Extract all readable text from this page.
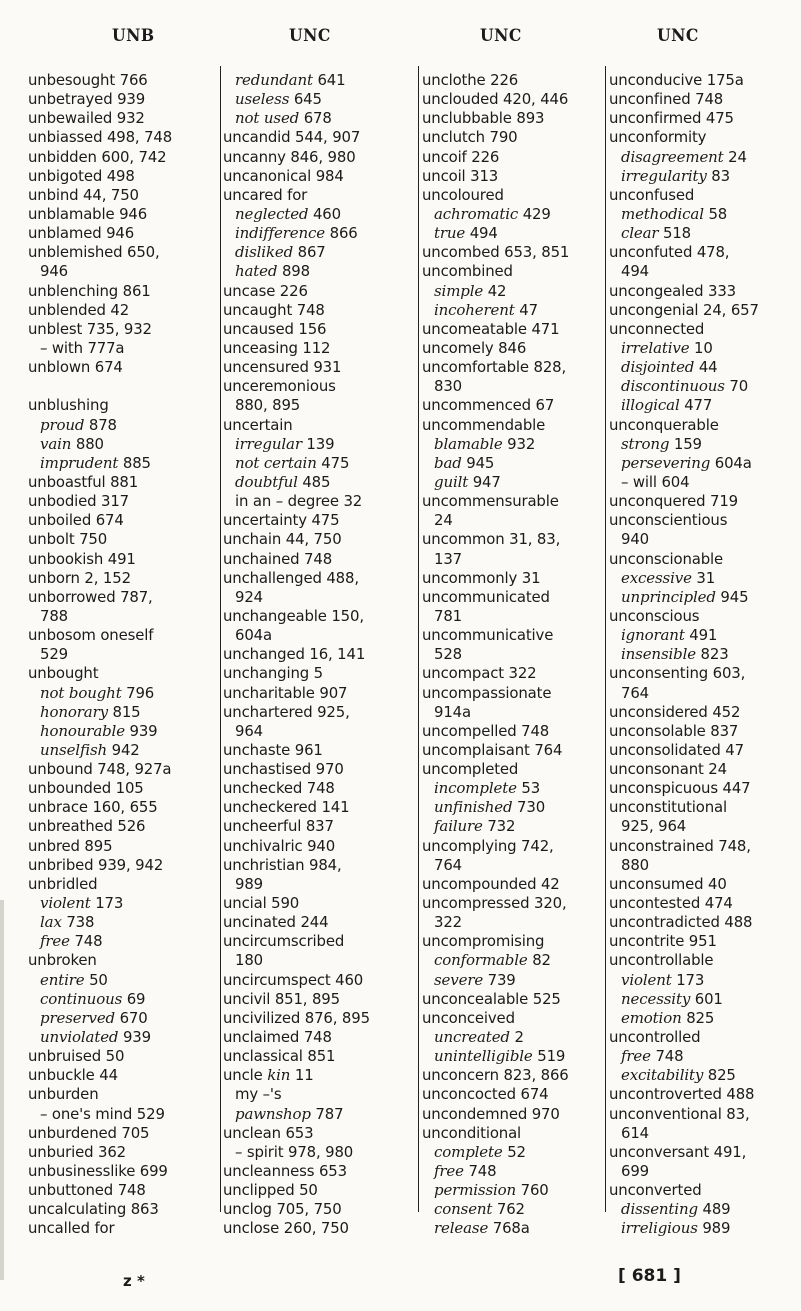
UNB	UNC	UNC	UNC
unbesought 766
unbetrayed 939
unbewailed 932
unbiassed 498, 748
unbidden 600, 742
unbigoted 498
unbind 44, 750
unblamable 946
unblamed 946
unblemished 650,
946
unblenching 861
unblended 42
unblest 735, 932
– with 777a
unblown 674
unblushing
proud 878
vain 880
imprudent 885
unboastful 881
unbodied 317
unboiled 674
unbolt 750
unbookish 491
unborn 2, 152
unborrowed 787,
788
unbosom oneself
529
unbought
not bought 796
honorary 815
honourable 939
unselfish 942
unbound 748, 927a
unbounded 105
unbrace 160, 655
unbreathed 526
unbred 895
unbribed 939, 942
unbridled
violent 173
lax 738
free 748
unbroken
entire 50
continuous 69
preserved 670
unviolated 939
unbruised 50
unbuckle 44
unburden
– one's mind 529
unburdened 705
unburied 362
unbusinesslike 699
unbuttoned 748
uncalculating 863
uncalled for
redundant 641
useless 645
not used 678
uncandid 544, 907
uncanny 846, 980
uncanonical 984
uncared for
neglected 460
indifference 866
disliked 867
hated 898
uncase 226
uncaught 748
uncaused 156
unceasing 112
uncensured 931
unceremonious
880, 895
uncertain
irregular 139
not certain 475
doubtful 485
in an – degree 32
uncertainty 475
unchain 44, 750
unchained 748
unchallenged 488,
924
unchangeable 150,
604a
unchanged 16, 141
unchanging 5
uncharitable 907
unchartered 925,
964
unchaste 961
unchastised 970
unchecked 748
uncheckered 141
uncheerful 837
unchivalric 940
unchristian 984,
989
uncial 590
uncinated 244
uncircumscribed
180
uncircumspect 460
uncivil 851, 895
uncivilized 876, 895
unclaimed 748
unclassical 851
uncle kin 11
my –'s
pawnshop 787
unclean 653
– spirit 978, 980
uncleanness 653
unclipped 50
unclog 705, 750
unclose 260, 750
unclothe 226
unclouded 420, 446
unclubbable 893
unclutch 790
uncoif 226
uncoil 313
uncoloured
achromatic 429
true 494
uncombed 653, 851
uncombined
simple 42
incoherent 47
uncomeatable 471
uncomely 846
uncomfortable 828,
830
uncommenced 67
uncommendable
blamable 932
bad 945
guilt 947
uncommensurable
24
uncommon 31, 83,
137
uncommonly 31
uncommunicated
781
uncommunicative
528
uncompact 322
uncompassionate
914a
uncompelled 748
uncomplaisant 764
uncompleted
incomplete 53
unfinished 730
failure 732
uncomplying 742,
764
uncompounded 42
uncompressed 320,
322
uncompromising
conformable 82
severe 739
unconcealable 525
unconceived
uncreated 2
unintelligible 519
unconcern 823, 866
unconcocted 674
uncondemned 970
unconditional
complete 52
free 748
permission 760
consent 762
release 768a
unconducive 175a
unconfined 748
unconfirmed 475
unconformity
disagreement 24
irregularity 83
unconfused
methodical 58
clear 518
unconfuted 478,
494
uncongealed 333
uncongenial 24, 657
unconnected
irrelative 10
disjointed 44
discontinuous 70
illogical 477
unconquerable
strong 159
persevering 604a
– will 604
unconquered 719
unconscientious
940
unconscionable
excessive 31
unprincipled 945
unconscious
ignorant 491
insensible 823
unconsenting 603,
764
unconsidered 452
unconsolable 837
unconsolidated 47
unconsonant 24
unconspicuous 447
unconstitutional
925, 964
unconstrained 748,
880
unconsumed 40
uncontested 474
uncontradicted 488
uncontrite 951
uncontrollable
violent 173
necessity 601
emotion 825
uncontrolled
free 748
excitability 825
uncontroverted 488
unconventional 83,
614
unconversant 491,
699
unconverted
dissenting 489
irreligious 989
z *	[ 681 ]
